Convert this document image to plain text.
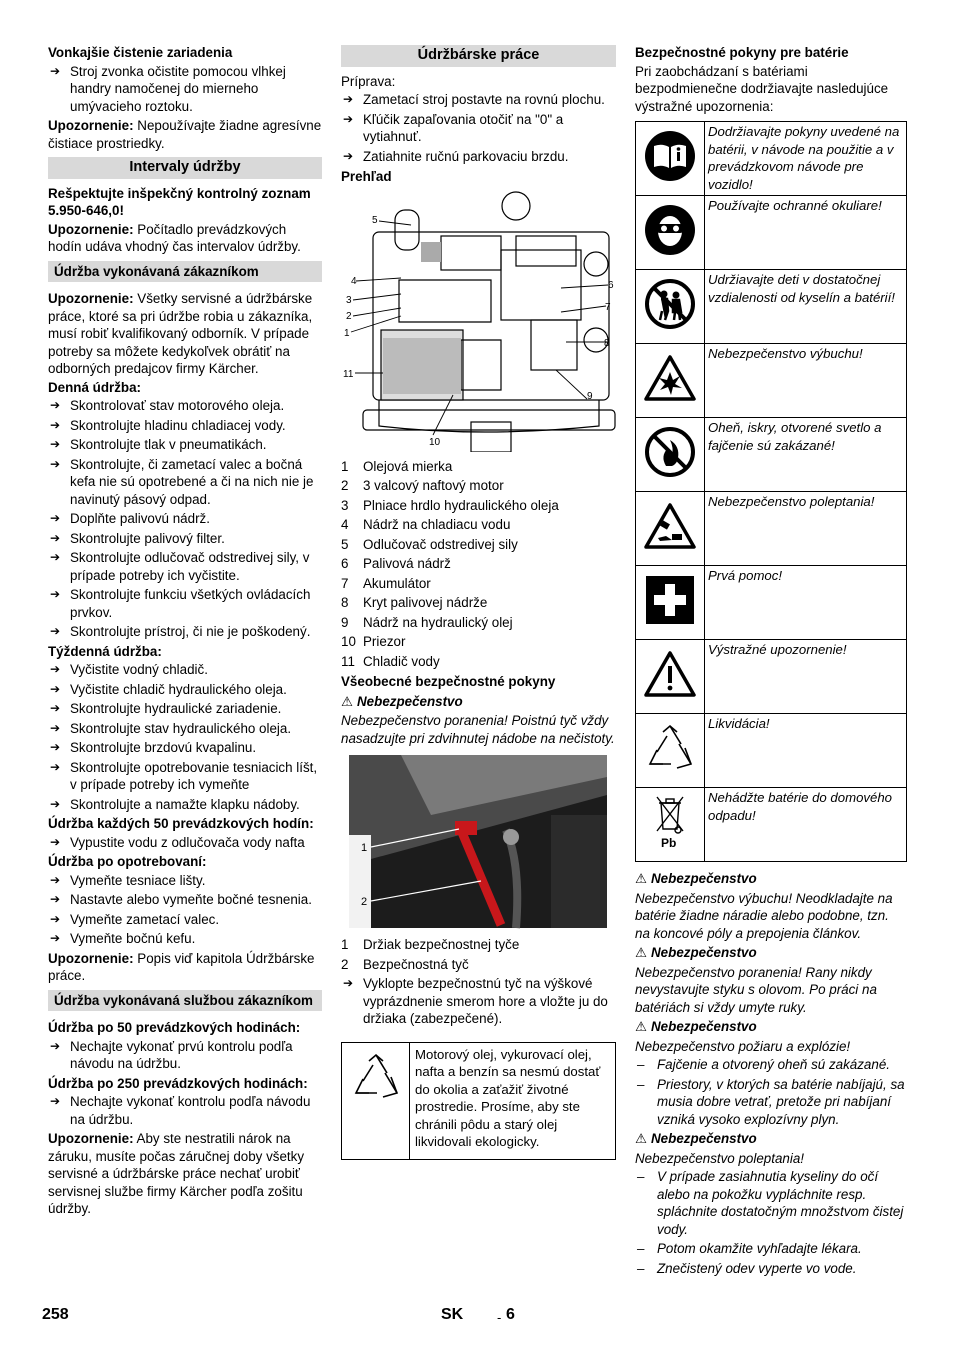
Vonkajšie čistenie zariadenia
➔ Stroj zvonka očistite pomocou vlhkej handry namočenej do mierneho umývacieho roztoku.
Upozornenie: Nepoužívajte žiadne agresívne čistiace prostriedky.
Intervaly údržby
Rešpektujte inšpekčný kontrolný zoznam 5.950-646,0!
Upozornenie: Počítadlo prevádzkových hodín udáva vhodný čas intervalov údržby.
Údržba vykonávaná zákazníkom
Upozornenie: Všetky servisné a údržbárske práce, ktoré sa pri údržbe robia u zákazníka, musí robiť kvalifikovaný odborník. V prípade potreby sa môžete kedykoľvek obrátiť na odborných predajcov firmy Kärcher.
Denná údržba:
➔ Skontrolovať stav motorového oleja.
➔ Skontrolujte hladinu chladiacej vody.
➔ Skontrolujte tlak v pneumatikách.
➔ Skontrolujte, či zametací valec a bočná kefa nie sú opotrebené a či na nich nie je navinutý pásový odpad.
➔ Doplňte palivovú nádrž.
➔ Skontrolujte palivový filter.
➔ Skontrolujte odlučovač odstredivej sily, v prípade potreby ich vyčistite.
➔ Skontrolujte funkciu všetkých ovládacích prvkov.
➔ Skontrolujte prístroj, či nie je poškodený.
Týždenná údržba:
➔ Vyčistite vodný chladič.
➔ Vyčistite chladič hydraulického oleja.
➔ Skontrolujte hydraulické zariadenie.
➔ Skontrolujte stav hydraulického oleja.
➔ Skontrolujte brzdovú kvapalinu.
➔ Skontrolujte opotrebovanie tesniacich líšt, v prípade potreby ich vymeňte
➔ Skontrolujte a namažte klapku nádoby.
Údržba každých 50 prevádzkových hodín:
➔ Vypustite vodu z odlučovača vody nafta
Údržba po opotrebovaní:
➔ Vymeňte tesniace lišty.
➔ Nastavte alebo vymeňte bočné tesnenia.
➔ Vymeňte zametací valec.
➔ Vymeňte bočnú kefu.
Upozornenie: Popis viď kapitola Údržbárske práce.
Údržba vykonávaná službou zákazníkom
Údržba po 50 prevádzkových hodinách:
➔ Nechajte vykonať prvú kontrolu podľa návodu na údržbu.
Údržba po 250 prevádzkových hodinách:
➔ Nechajte vykonať kontrolu podľa návodu na údržbu.
Upozornenie: Aby ste nestratili nárok na záruku, musíte počas záručnej doby všetky servisné a údržbárske práce nechať urobiť servisnej službe firmy Kärcher podľa zošitu údržby.
Údržbárske práce
Príprava:
➔ Zametací stroj postavte na rovnú plochu.
➔ Kľúčik zapaľovania otočiť na "0" a vytiahnuť.
➔ Zatiahnite ručnú parkovaciu brzdu.
Prehľad
5
4
3
2
1
11
6
7
8
9
10
1 Olejová mierka
2 3 valcový naftový motor
3 Plniace hrdlo hydraulického oleja
4 Nádrž na chladiacu vodu
5 Odlučovač odstredivej sily
6 Palivová nádrž
7 Akumulátor
8 Kryt palivovej nádrže
9 Nádrž na hydraulický olej
10 Priezor
11 Chladič vody
Všeobecné bezpečnostné pokyny
⚠ Nebezpečenstvo
Nebezpečenstvo poranenia! Poistnú tyč vždy nasadzujte pri zdvihnutej nádobe na nečistoty.
1
2
1 Držiak bezpečnostnej tyče
2 Bezpečnostná tyč
➔ Vyklopte bezpečnostnú tyč na výškové vyprázdnenie smerom hore a vložte ju do držiaka (zabezpečené).
Motorový olej, vykurovací olej, nafta a benzín sa nesmú dostať do okolia a zaťažiť životné prostredie. Prosíme, aby ste chránili pôdu a starý olej likvidovali ekologicky.
Bezpečnostné pokyny pre batérie
Pri zaobchádzaní s batériami bezpodmienečne dodržiavajte nasledujúce výstražné upozornenia:
	Dodržiavajte pokyny uvedené na batérii, v návode na použitie a v prevádzkovom návode pre vozidlo!
	Používajte ochranné okuliare!
	Udržiavajte deti v dostatočnej vzdialenosti od kyselín a batérií!
	Nebezpečenstvo výbuchu!
	Oheň, iskry, otvorené svetlo a fajčenie sú zakázané!
	Nebezpečenstvo poleptania!
	Prvá pomoc!
	Výstražné upozornenie!
	Likvidácia!

Pb	Nehádžte batérie do domového odpadu!
⚠ Nebezpečenstvo
Nebezpečenstvo výbuchu! Neodkladajte na batérie žiadne náradie alebo podobne, tzn. na koncové póly a prepojenia článkov.
⚠ Nebezpečenstvo
Nebezpečenstvo poranenia! Rany nikdy nevystavujte styku s olovom. Po práci na batériách si vždy umyte ruky.
⚠ Nebezpečenstvo
Nebezpečenstvo požiaru a explózie!
– Fajčenie a otvorený oheň sú zakázané.
– Priestory, v ktorých sa batérie nabíjajú, sa musia dobre vetrať, pretože pri nabíjaní vzniká vysoko explozívny plyn.
⚠ Nebezpečenstvo
Nebezpečenstvo poleptania!
– V prípade zasiahnutia kyseliny do očí alebo na pokožku vypláchnite resp. spláchnite dostatočným množstvom čistej vody.
– Potom okamžite vyhľadajte lékara.
– Znečistený odev vyperte vo vode.
258	SK	- 6
